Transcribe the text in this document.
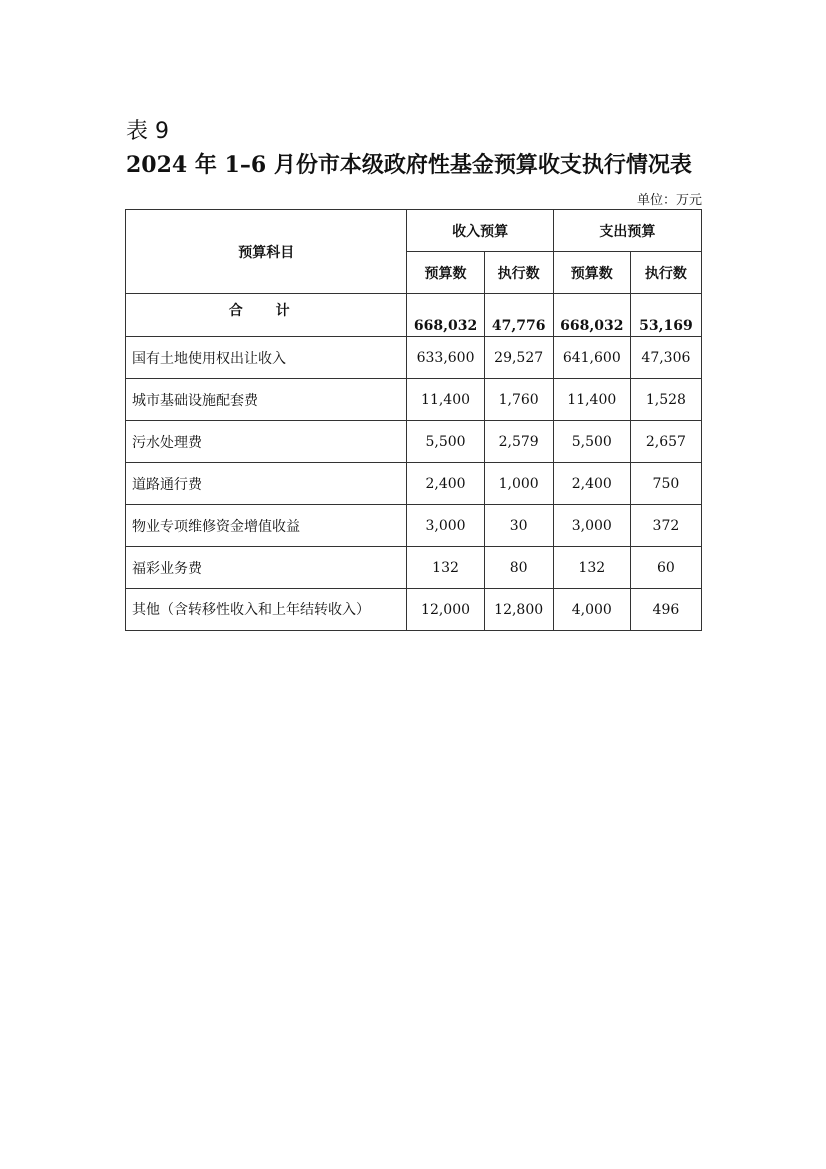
表 9
2024 年 1–6 月份市本级政府性基金预算收支执行情况表
单位：万元
预算科目	收入预算		支出预算	
	预算数	执行数	预算数	执行数
合 计	668,032	47,776	668,032	53,169
国有土地使用权出让收入	633,600	29,527	641,600	47,306
城市基础设施配套费	11,400	1,760	11,400	1,528
污水处理费	5,500	2,579	5,500	2,657
道路通行费	2,400	1,000	2,400	750
物业专项维修资金增值收益	3,000	30	3,000	372
福彩业务费	132	80	132	60
其他（含转移性收入和上年结转收入）	12,000	12,800	4,000	496
